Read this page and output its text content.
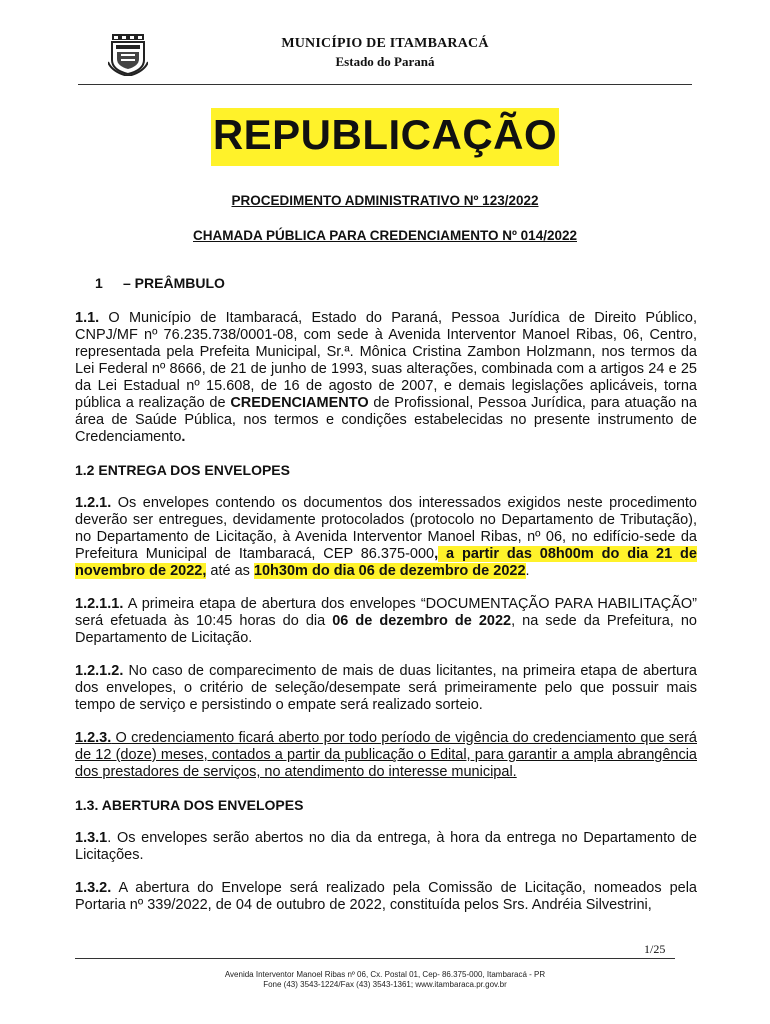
MUNICÍPIO DE ITAMBARACÁ
Estado do Paraná
REPUBLICAÇÃO
PROCEDIMENTO ADMINISTRATIVO Nº 123/2022
CHAMADA PÚBLICA PARA CREDENCIAMENTO Nº 014/2022

1 – PREÂMBULO

1.1. O Município de Itambaracá, Estado do Paraná, Pessoa Jurídica de Direito Público, CNPJ/MF nº 76.235.738/0001-08, com sede à Avenida Interventor Manoel Ribas, 06, Centro, representada pela Prefeita Municipal, Sr.ª. Mônica Cristina Zambon Holzmann, nos termos da Lei Federal nº 8666, de 21 de junho de 1993, suas alterações, combinada com a artigos 24 e 25 da Lei Estadual nº 15.608, de 16 de agosto de 2007, e demais legislações aplicáveis, torna pública a realização de CREDENCIAMENTO de Profissional, Pessoa Jurídica, para atuação na área de Saúde Pública, nos termos e condições estabelecidas no presente instrumento de Credenciamento.

1.2 ENTREGA DOS ENVELOPES

1.2.1. Os envelopes contendo os documentos dos interessados exigidos neste procedimento deverão ser entregues, devidamente protocolados (protocolo no Departamento de Tributação), no Departamento de Licitação, à Avenida Interventor Manoel Ribas, nº 06, no edifício-sede da Prefeitura Municipal de Itambaracá, CEP 86.375-000, a partir das 08h00m do dia 21 de novembro de 2022, até as 10h30m do dia 06 de dezembro de 2022.

1.2.1.1. A primeira etapa de abertura dos envelopes “DOCUMENTAÇÃO PARA HABILITAÇÃO” será efetuada às 10:45 horas do dia 06 de dezembro de 2022, na sede da Prefeitura, no Departamento de Licitação.

1.2.1.2. No caso de comparecimento de mais de duas licitantes, na primeira etapa de abertura dos envelopes, o critério de seleção/desempate será primeiramente pelo que possuir mais tempo de serviço e persistindo o empate será realizado sorteio.

1.2.3. O credenciamento ficará aberto por todo período de vigência do credenciamento que será de 12 (doze) meses, contados a partir da publicação o Edital, para garantir a ampla abrangência dos prestadores de serviços, no atendimento do interesse municipal.

1.3. ABERTURA DOS ENVELOPES

1.3.1. Os envelopes serão abertos no dia da entrega, à hora da entrega no Departamento de Licitações.

1.3.2. A abertura do Envelope será realizado pela Comissão de Licitação, nomeados pela Portaria nº 339/2022, de 04 de outubro de 2022, constituída pelos Srs. Andréia Silvestrini,

1/25
Avenida Interventor Manoel Ribas nº 06, Cx. Postal 01, Cep- 86.375-000, Itambaracá - PR
Fone (43) 3543-1224/Fax (43) 3543-1361; www.itambaraca.pr.gov.br
